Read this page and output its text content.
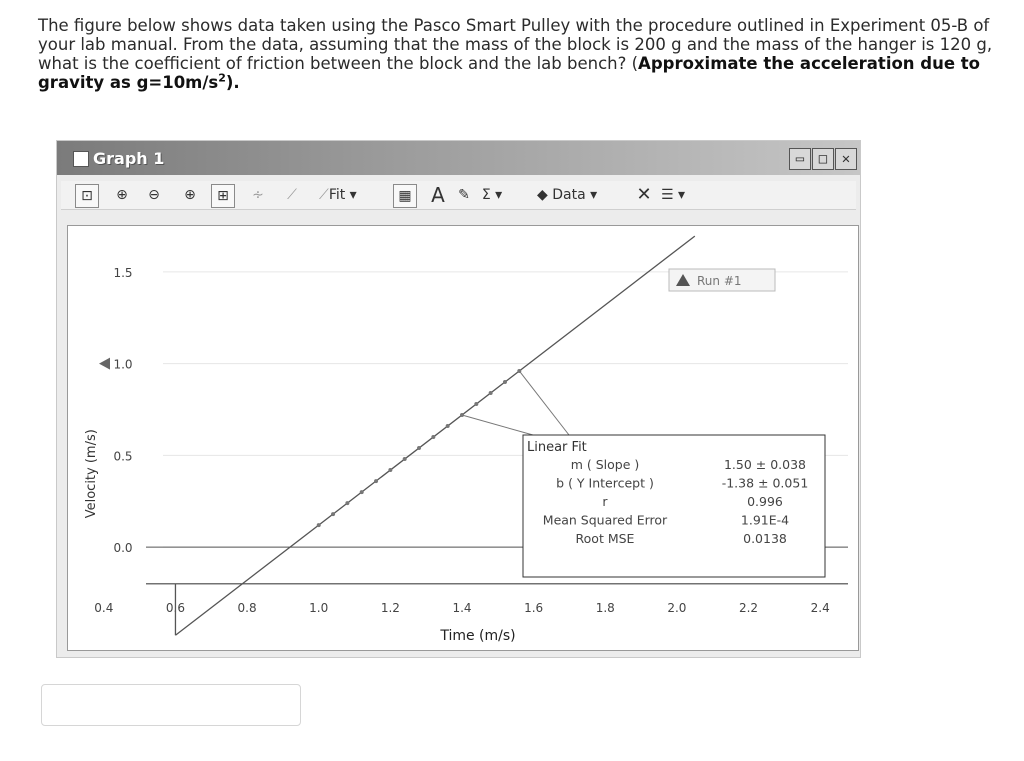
The figure below shows data taken using the Pasco Smart Pulley with the procedure outlined in Experiment 05-B of your lab manual. From the data, assuming that the mass of the block is 200 g and the mass of the hanger is 120 g, what is the coefficient of friction between the block and the lab bench? (Approximate the acceleration due to gravity as $g=10m/s^2$).
Graph 1	▭	□	✕
⊡	⊕	⊖	⊕	⊞	∻	⟋	⟋Fit ▾	▦ A ✎ Σ ▾ ◆ Data ▾ ✕ ☰ ▾
0.0
0.5
1.0
1.5
0.4	0.6	0.8	1.0	1.2	1.4	1.6	1.8	2.0	2.2	2.4
Linear Fit
m ( Slope )	1.50 ± 0.038
b ( Y Intercept )	-1.38 ± 0.051
r	0.996
Mean Squared Error	1.91E-4
Root MSE	0.0138
Run #1
Velocity (m/s)
Time (m/s)
